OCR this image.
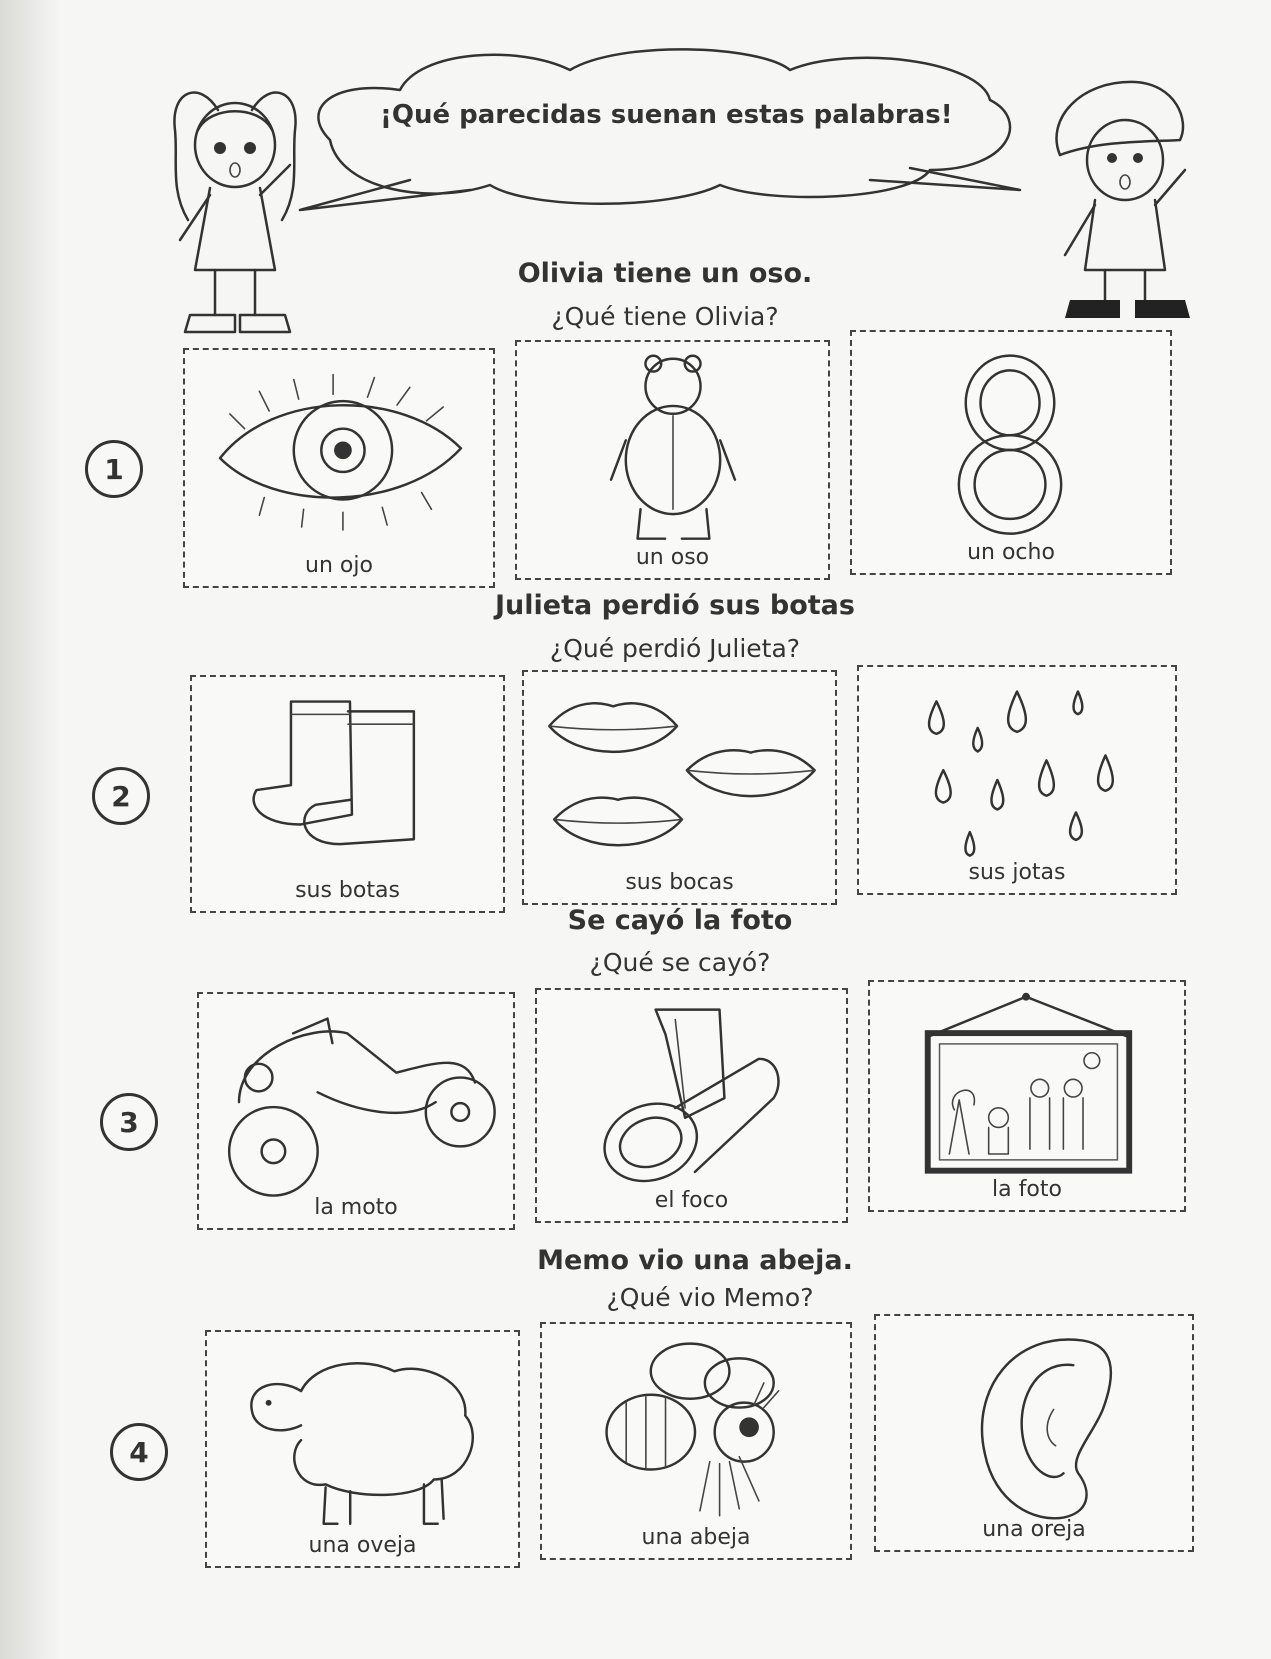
¡Qué parecidas suenan estas palabras!
Olivia tiene un oso.
¿Qué tiene Olivia?
1
un ojo	un oso	un ocho
Julieta perdió sus botas
¿Qué perdió Julieta?
2
sus botas	sus bocas	sus jotas
Se cayó la foto
¿Qué se cayó?
3
la moto	el foco	la foto
Memo vio una abeja.
¿Qué vio Memo?
4
una oveja	una abeja	una oreja
